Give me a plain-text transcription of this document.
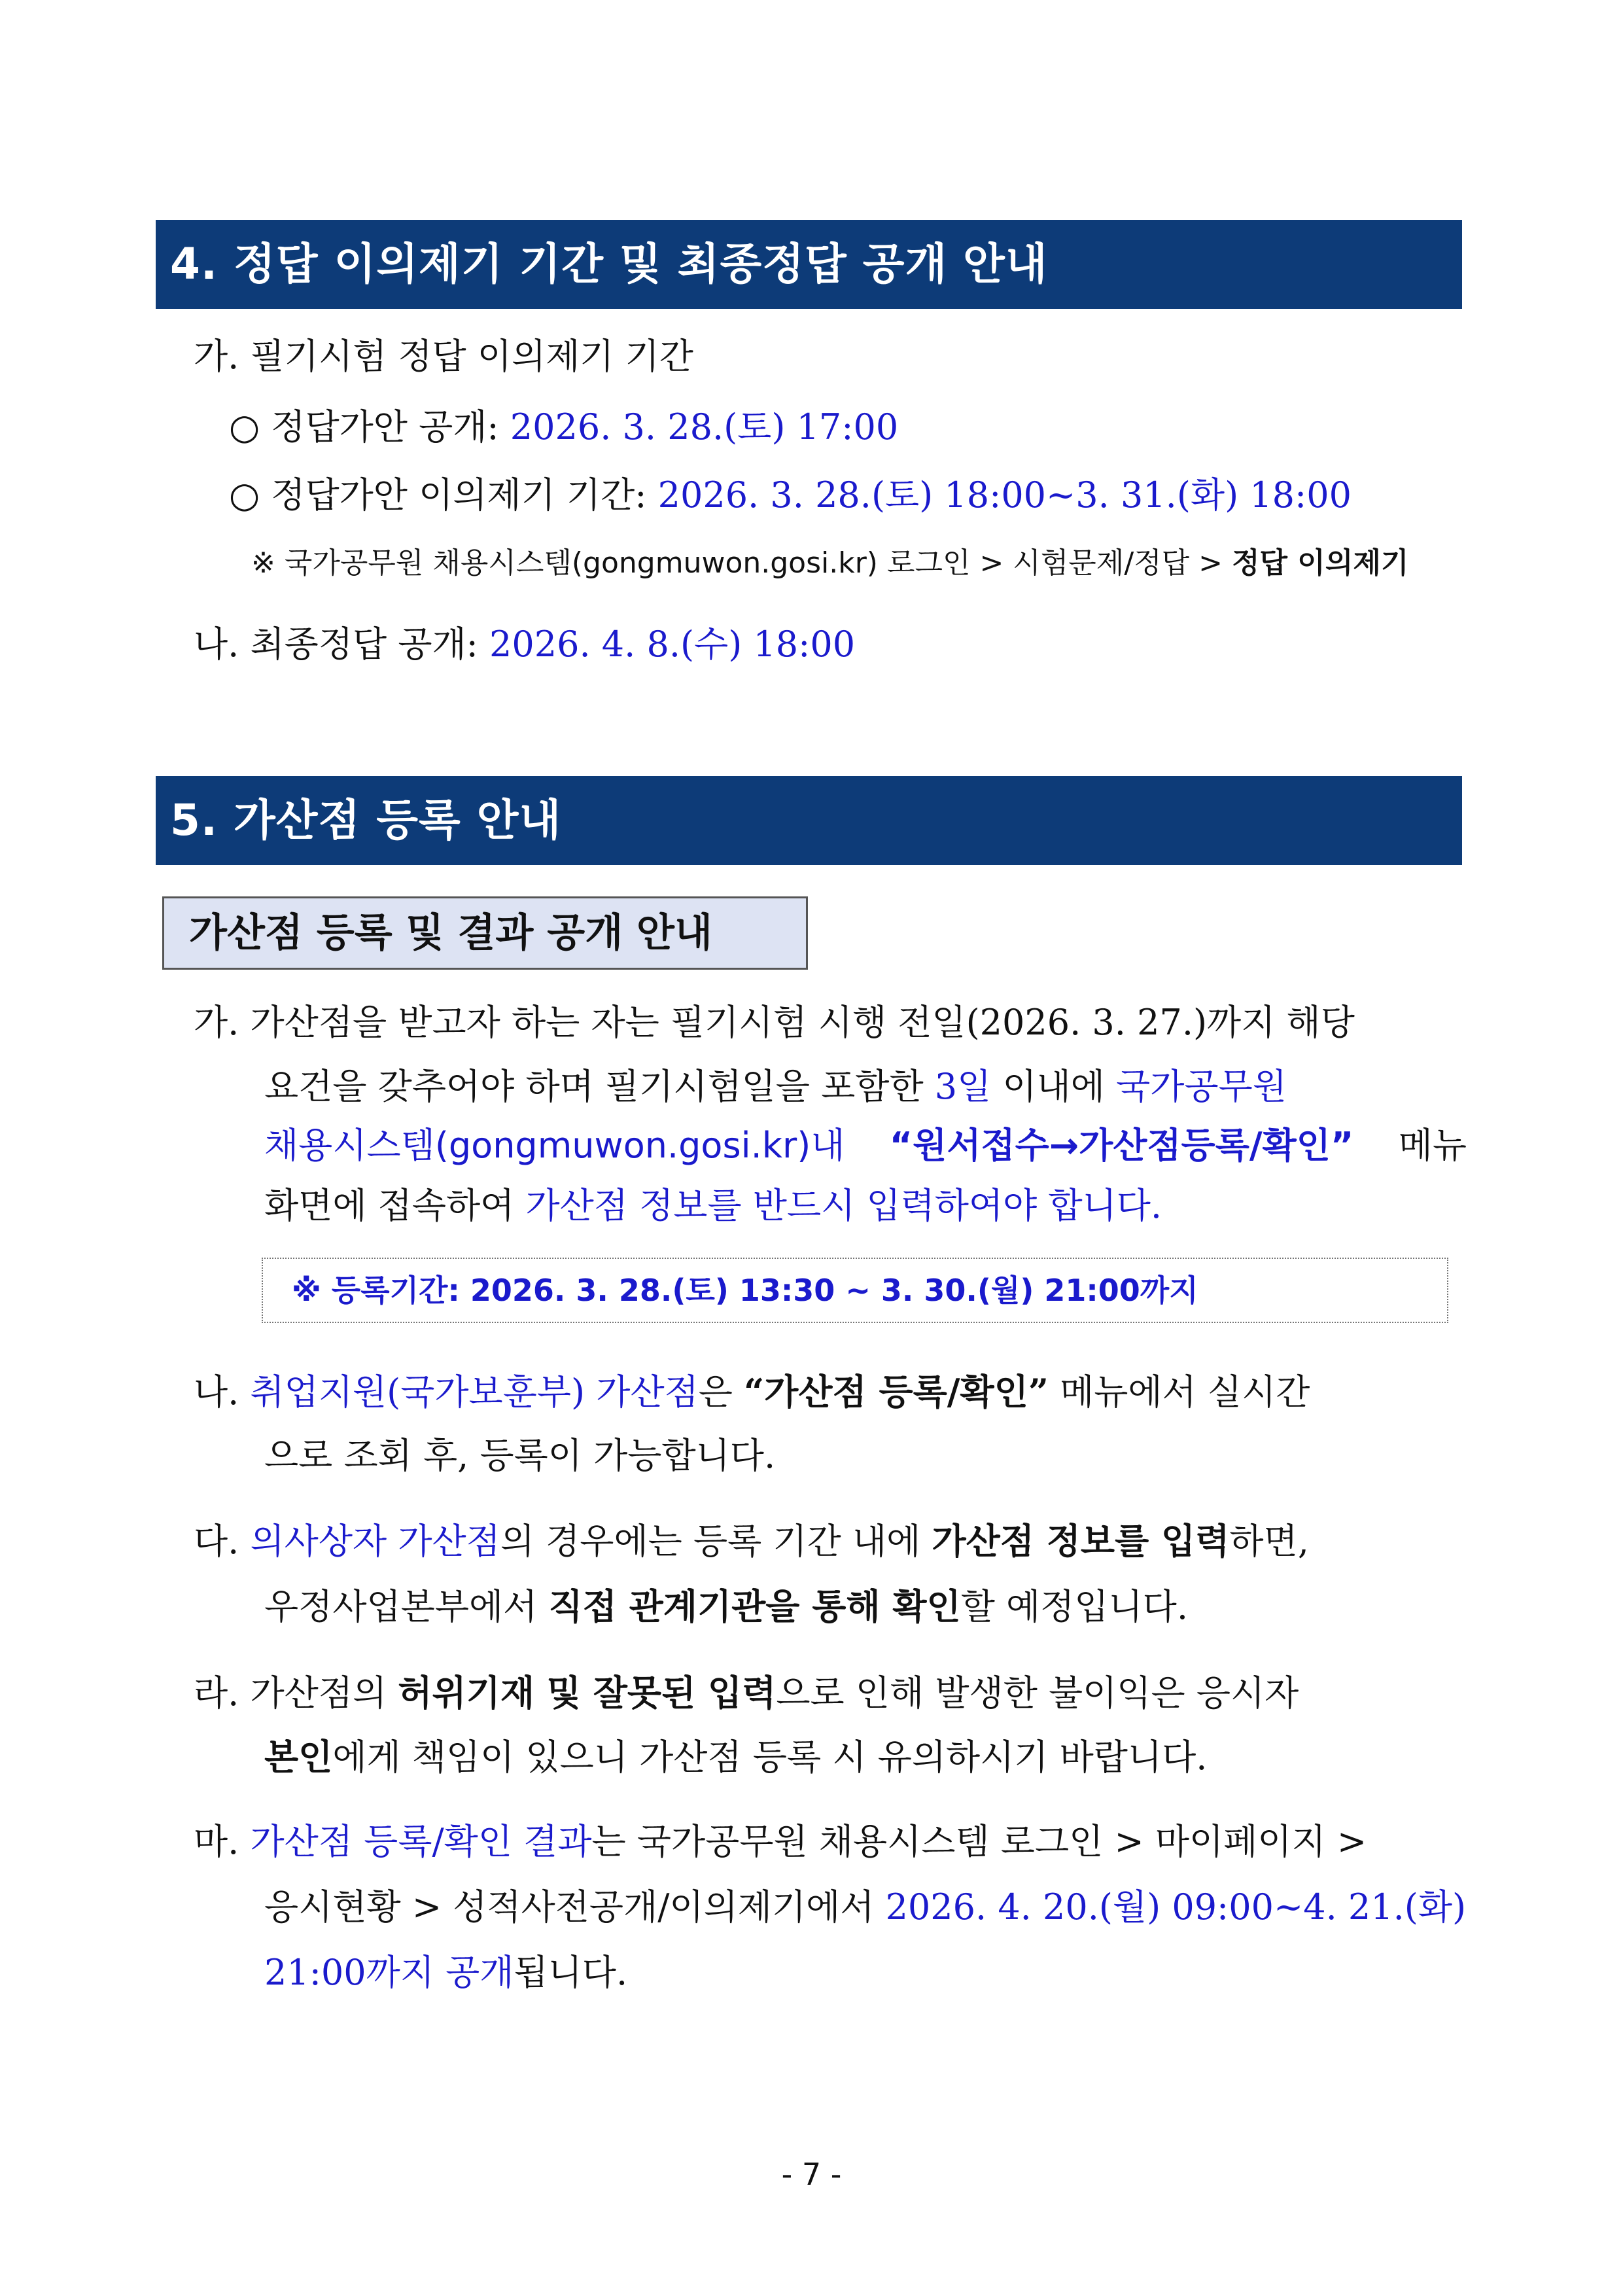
4. 정답 이의제기 기간 및 최종정답 공개 안내
가. 필기시험 정답 이의제기 기간
○ 정답가안 공개: 2026. 3. 28.(토) 17:00
○ 정답가안 이의제기 기간: 2026. 3. 28.(토) 18:00~3. 31.(화) 18:00
※ 국가공무원 채용시스템(gongmuwon.gosi.kr) 로그인 > 시험문제/정답 > 정답 이의제기
나. 최종정답 공개: 2026. 4. 8.(수) 18:00
5. 가산점 등록 안내
가산점 등록 및 결과 공개 안내
가. 가산점을 받고자 하는 자는 필기시험 시행 전일(2026. 3. 27.)까지 해당
요건을 갖추어야 하며 필기시험일을 포함한 3일 이내에 국가공무원
채용시스템(gongmuwon.gosi.kr)내 “원서접수→가산점등록/확인” 메뉴
화면에 접속하여 가산점 정보를 반드시 입력하여야 합니다.
※ 등록기간: 2026. 3. 28.(토) 13:30 ~ 3. 30.(월) 21:00까지
나. 취업지원(국가보훈부) 가산점은 “가산점 등록/확인” 메뉴에서 실시간
으로 조회 후, 등록이 가능합니다.
다. 의사상자 가산점의 경우에는 등록 기간 내에 가산점 정보를 입력하면,
우정사업본부에서 직접 관계기관을 통해 확인할 예정입니다.
라. 가산점의 허위기재 및 잘못된 입력으로 인해 발생한 불이익은 응시자
본인에게 책임이 있으니 가산점 등록 시 유의하시기 바랍니다.
마. 가산점 등록/확인 결과는 국가공무원 채용시스템 로그인 > 마이페이지 >
응시현황 > 성적사전공개/이의제기에서 2026. 4. 20.(월) 09:00~4. 21.(화)
21:00까지 공개됩니다.
- 7 -
